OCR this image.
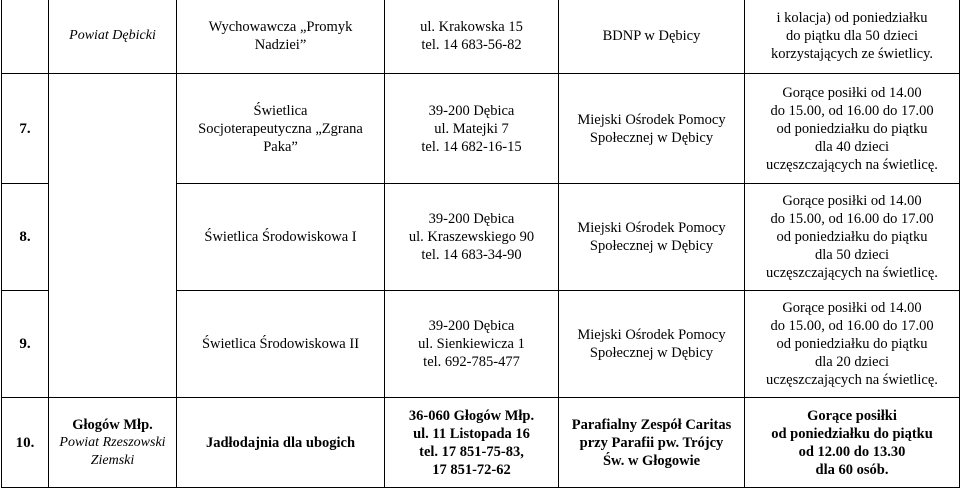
	Powiat Dębicki	Wychowawcza „Promyk
Nadziei”	ul. Krakowska 15
tel. 14 683-56-82	BDNP w Dębicy	i kolacja) od poniedziałku
do piątku dla 50 dzieci
korzystających ze świetlicy.

7.		Świetlica
Socjoterapeutyczna „Zgrana
Paka”	39-200 Dębica
ul. Matejki 7
tel. 14 682-16-15	Miejski Ośrodek Pomocy
Społecznej w Dębicy	Gorące posiłki od 14.00
do 15.00, od 16.00 do 17.00
od poniedziałku do piątku
dla 40 dzieci
uczęszczających na świetlicę.

8.		Świetlica Środowiskowa I	39-200 Dębica
ul. Kraszewskiego 90
tel. 14 683-34-90	Miejski Ośrodek Pomocy
Społecznej w Dębicy	Gorące posiłki od 14.00
do 15.00, od 16.00 do 17.00
od poniedziałku do piątku
dla 50 dzieci
uczęszczających na świetlicę.

9.		Świetlica Środowiskowa II	39-200 Dębica
ul. Sienkiewicza 1
tel. 692-785-477	Miejski Ośrodek Pomocy
Społecznej w Dębicy	Gorące posiłki od 14.00
do 15.00, od 16.00 do 17.00
od poniedziałku do piątku
dla 20 dzieci
uczęszczających na świetlicę.

10.	Głogów Młp.
Powiat Rzeszowski Ziemski	Jadłodajnia dla ubogich	36-060 Głogów Młp.
ul. 11 Listopada 16
tel. 17 851-75-83,
17 851-72-62	Parafialny Zespół Caritas
przy Parafii pw. Trójcy
Św. w Głogowie	Gorące posiłki
od poniedziałku do piątku
od 12.00 do 13.30
dla 60 osób.
